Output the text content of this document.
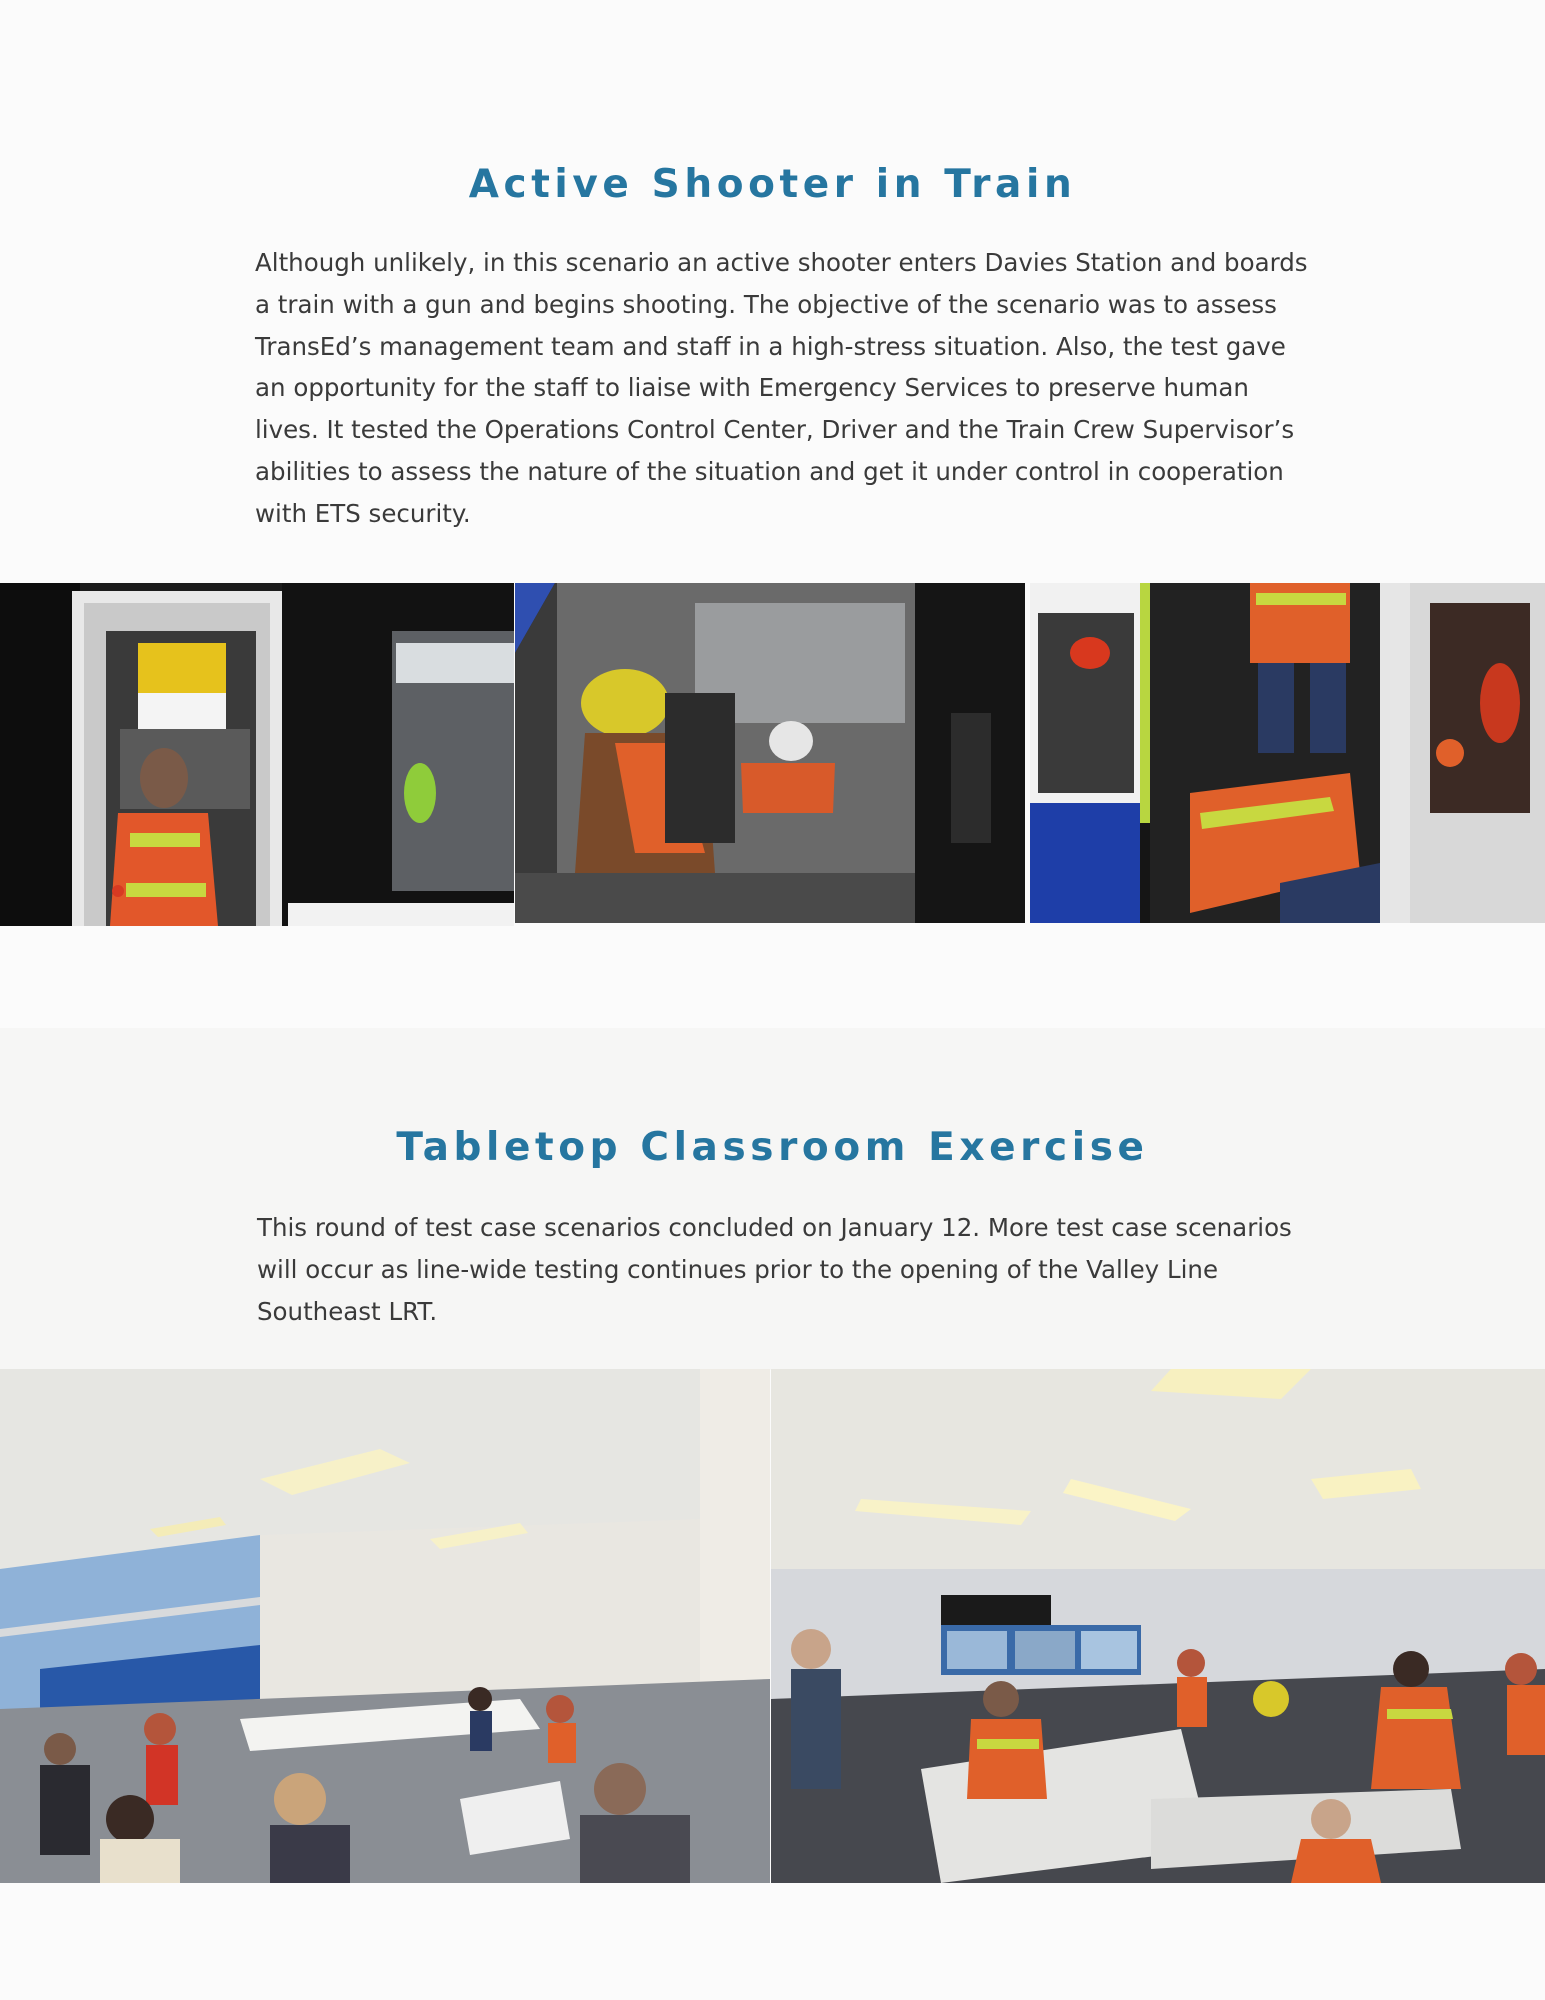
Active Shooter in Train

Although unlikely, in this scenario an active shooter enters Davies Station and boards a train with a gun and begins shooting. The objective of the scenario was to assess TransEd’s management team and staff in a high-stress situation. Also, the test gave an opportunity for the staff to liaise with Emergency Services to preserve human lives. It tested the Operations Control Center, Driver and the Train Crew Supervisor’s abilities to assess the nature of the situation and get it under control in cooperation with ETS security.

Tabletop Classroom Exercise

This round of test case scenarios concluded on January 12. More test case scenarios will occur as line-wide testing continues prior to the opening of the Valley Line Southeast LRT.
